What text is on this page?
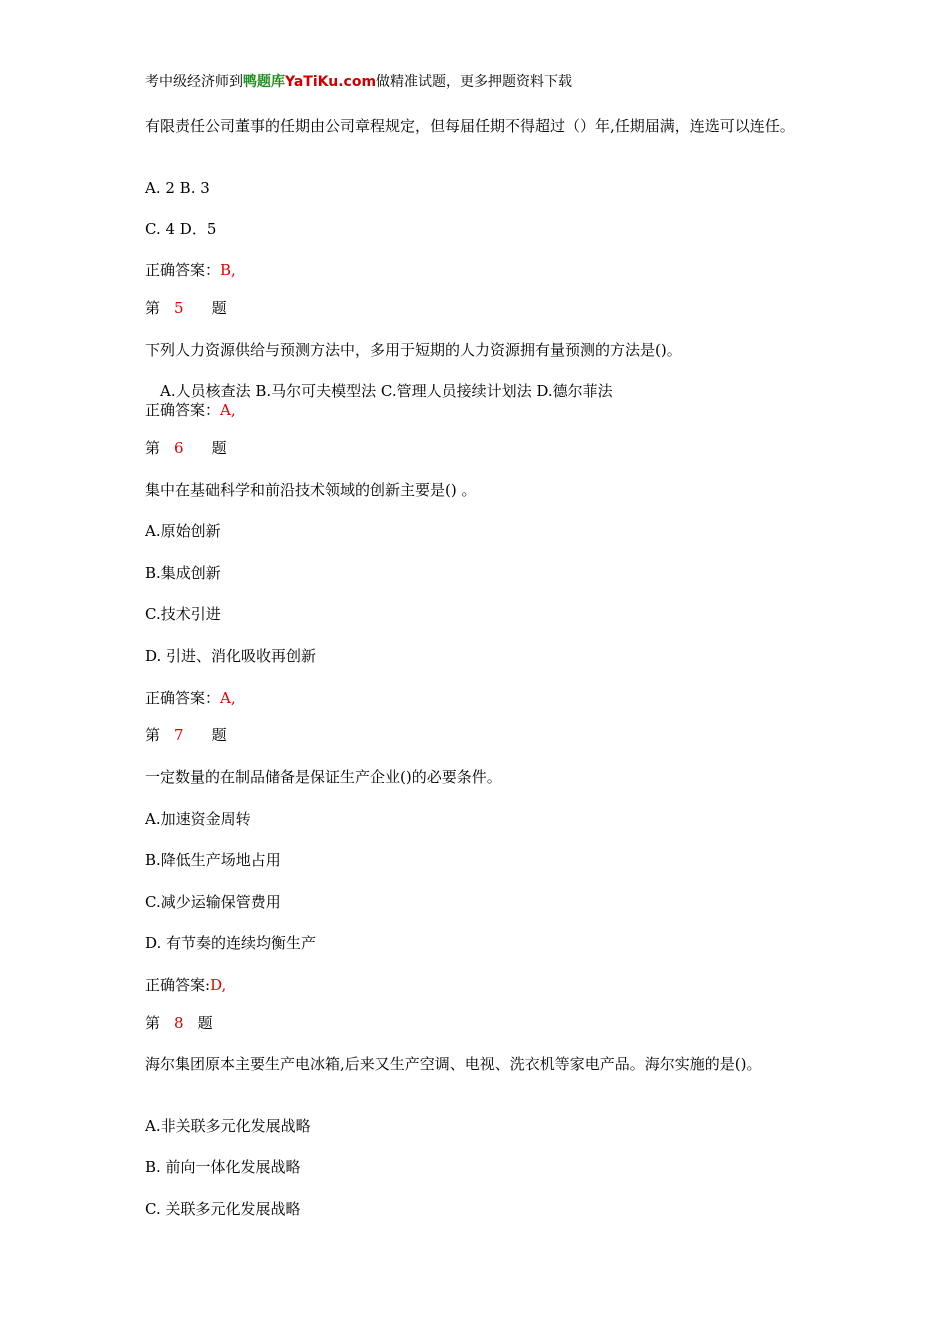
考中级经济师到鸭题库YaTiKu.com做精准试题，更多押题资料下载
有限责任公司董事的任期由公司章程规定，但每届任期不得超过（）年,任期届满，连选可以连任。
A. 2 B. 3
C. 4 D．5
正确答案：B,
第 5 题
下列人力资源供给与预测方法中，多用于短期的人力资源拥有量预测的方法是()。
A.人员核查法 B.马尔可夫模型法 C.管理人员接续计划法 D.德尔菲法
正确答案：A,
第 6 题
集中在基础科学和前沿技术领域的创新主要是() 。
A.原始创新
B.集成创新
C.技术引进
D. 引进、消化吸收再创新
正确答案：A,
第 7 题
一定数量的在制品储备是保证生产企业()的必要条件。
A.加速资金周转
B.降低生产场地占用
C.减少运输保管费用
D. 有节奏的连续均衡生产
正确答案:D,
第 8 题
海尔集团原本主要生产电冰箱,后来又生产空调、电视、洗衣机等家电产品。海尔实施的是()。
A.非关联多元化发展战略
B. 前向一体化发展战略
C. 关联多元化发展战略
